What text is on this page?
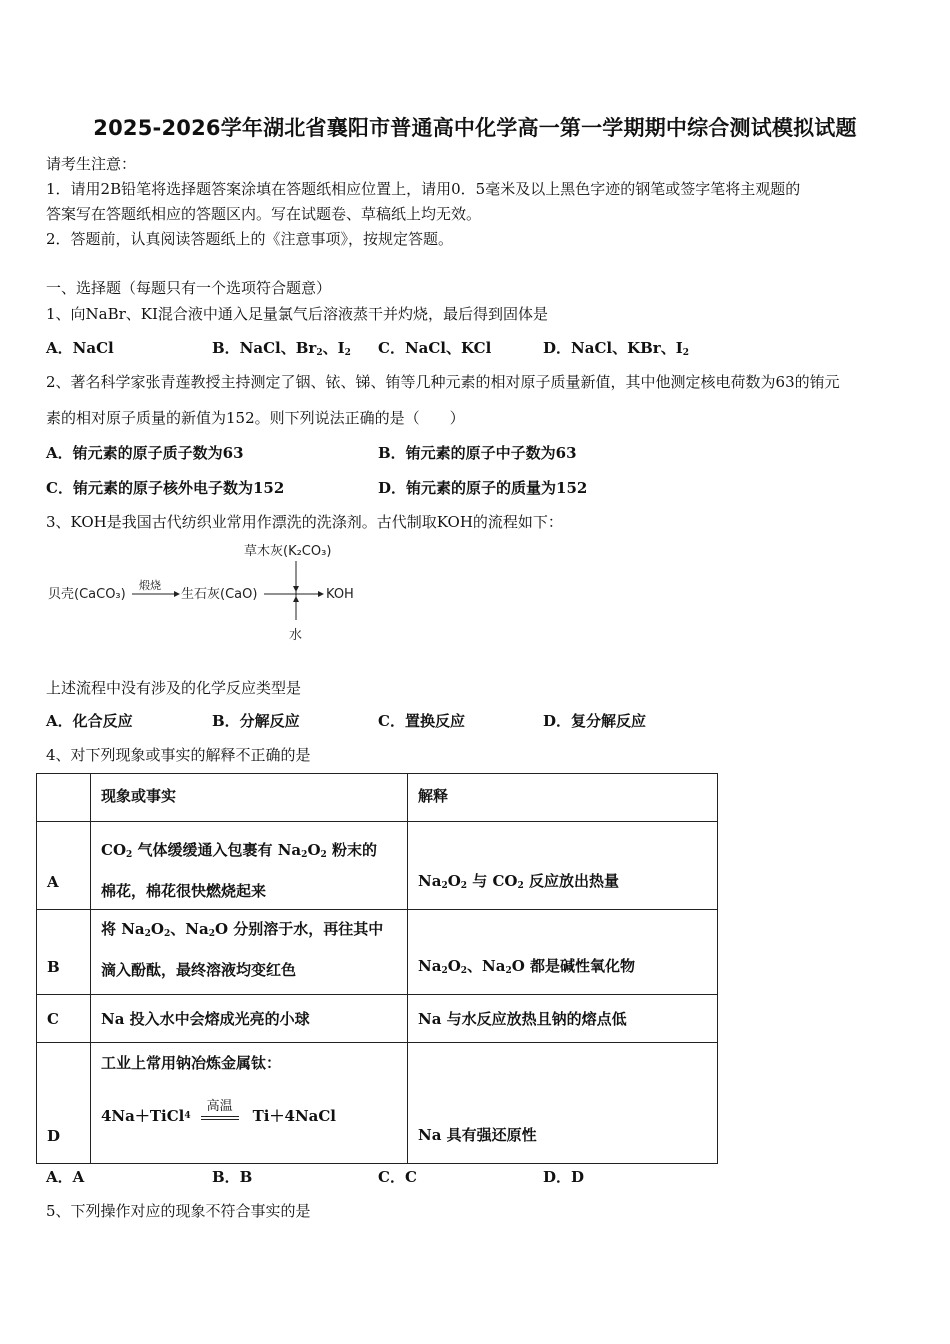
2025-2026学年湖北省襄阳市普通高中化学高一第一学期期中综合测试模拟试题
请考生注意：
1．请用2B铅笔将选择题答案涂填在答题纸相应位置上，请用0．5毫米及以上黑色字迹的钢笔或签字笔将主观题的
答案写在答题纸相应的答题区内。写在试题卷、草稿纸上均无效。
2．答题前，认真阅读答题纸上的《注意事项》，按规定答题。
一、选择题（每题只有一个选项符合题意）
1、向NaBr、KI混合液中通入足量氯气后溶液蒸干并灼烧，最后得到固体是
A．NaCl	B．NaCl、$Br_2$、$I_2$ C．NaCl、KCl	D．NaCl、KBr、$I_2$
2、著名科学家张青莲教授主持测定了铟、铱、锑、铕等几种元素的相对原子质量新值，其中他测定核电荷数为63的铕元
素的相对原子质量的新值为152。则下列说法正确的是（　　）
A．铕元素的原子质子数为63	B．铕元素的原子中子数为63
C．铕元素的原子核外电子数为152	D．铕元素的原子的质量为152
3、KOH是我国古代纺织业常用作漂洗的洗涤剂。古代制取KOH的流程如下：
贝壳(CaCO₃)
煅烧
生石灰(CaO)
草木灰(K₂CO₃)
KOH
水
上述流程中没有涉及的化学反应类型是
A．化合反应	B．分解反应	C．置换反应	D．复分解反应
4、对下列现象或事实的解释不正确的是
	现象或事实	解释
A	$CO_2$ 气体缓缓通入包裹有 $Na_2O_2$ 粉末的
棉花，棉花很快燃烧起来	$Na_2O_2$ 与 $CO_2$ 反应放出热量
B	将 $Na_2O_2$、$Na_2O$ 分别溶于水，再往其中
滴入酚酞，最终溶液均变红色	$Na_2O_2$、$Na_2O$ 都是碱性氧化物
C	Na 投入水中会熔成光亮的小球	Na 与水反应放热且钠的熔点低
D	工业上常用钠冶炼金属钛：
4Na＋TiCl 4
高温
Ti＋4NaCl	Na 具有强还原性
A．A	B．B	C．C	D．D
5、下列操作对应的现象不符合事实的是
